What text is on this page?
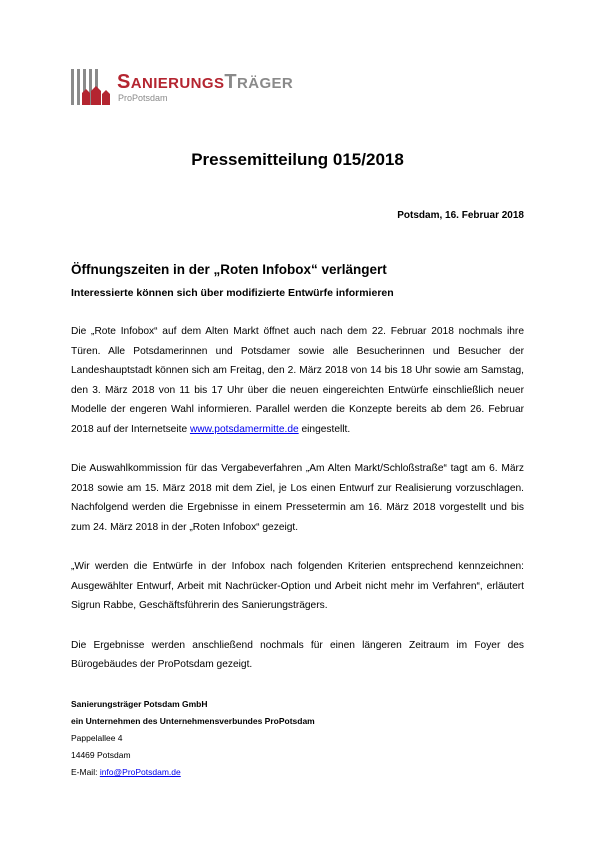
SANIERUNGSTRÄGER
ProPotsdam
Pressemitteilung 015/2018
Potsdam, 16. Februar 2018
Öffnungszeiten in der „Roten Infobox“ verlängert
Interessierte können sich über modifizierte Entwürfe informieren

Die „Rote Infobox“ auf dem Alten Markt öffnet auch nach dem 22. Februar 2018 nochmals ihre Türen. Alle Potsdamerinnen und Potsdamer sowie alle Besucherinnen und Besucher der Landeshauptstadt können sich am Freitag, den 2. März 2018 von 14 bis 18 Uhr sowie am Samstag, den 3. März 2018 von 11 bis 17 Uhr über die neuen eingereichten Entwürfe einschließlich neuer Modelle der engeren Wahl informieren. Parallel werden die Konzepte bereits ab dem 26. Februar 2018 auf der Internetseite www.potsdamermitte.de eingestellt.

Die Auswahlkommission für das Vergabeverfahren „Am Alten Markt/Schloßstraße“ tagt am 6. März 2018 sowie am 15. März 2018 mit dem Ziel, je Los einen Entwurf zur Realisierung vorzuschlagen. Nachfolgend werden die Ergebnisse in einem Pressetermin am 16. März 2018 vorgestellt und bis zum 24. März 2018 in der „Roten Infobox“ gezeigt.

„Wir werden die Entwürfe in der Infobox nach folgenden Kriterien entsprechend kennzeichnen: Ausgewählter Entwurf, Arbeit mit Nachrücker-Option und Arbeit nicht mehr im Verfahren“, erläutert Sigrun Rabbe, Geschäftsführerin des Sanierungsträgers.

Die Ergebnisse werden anschließend nochmals für einen längeren Zeitraum im Foyer des Bürogebäudes der ProPotsdam gezeigt.

Sanierungsträger Potsdam GmbH
ein Unternehmen des Unternehmensverbundes ProPotsdam
Pappelallee 4
14469 Potsdam
E-Mail: info@ProPotsdam.de
